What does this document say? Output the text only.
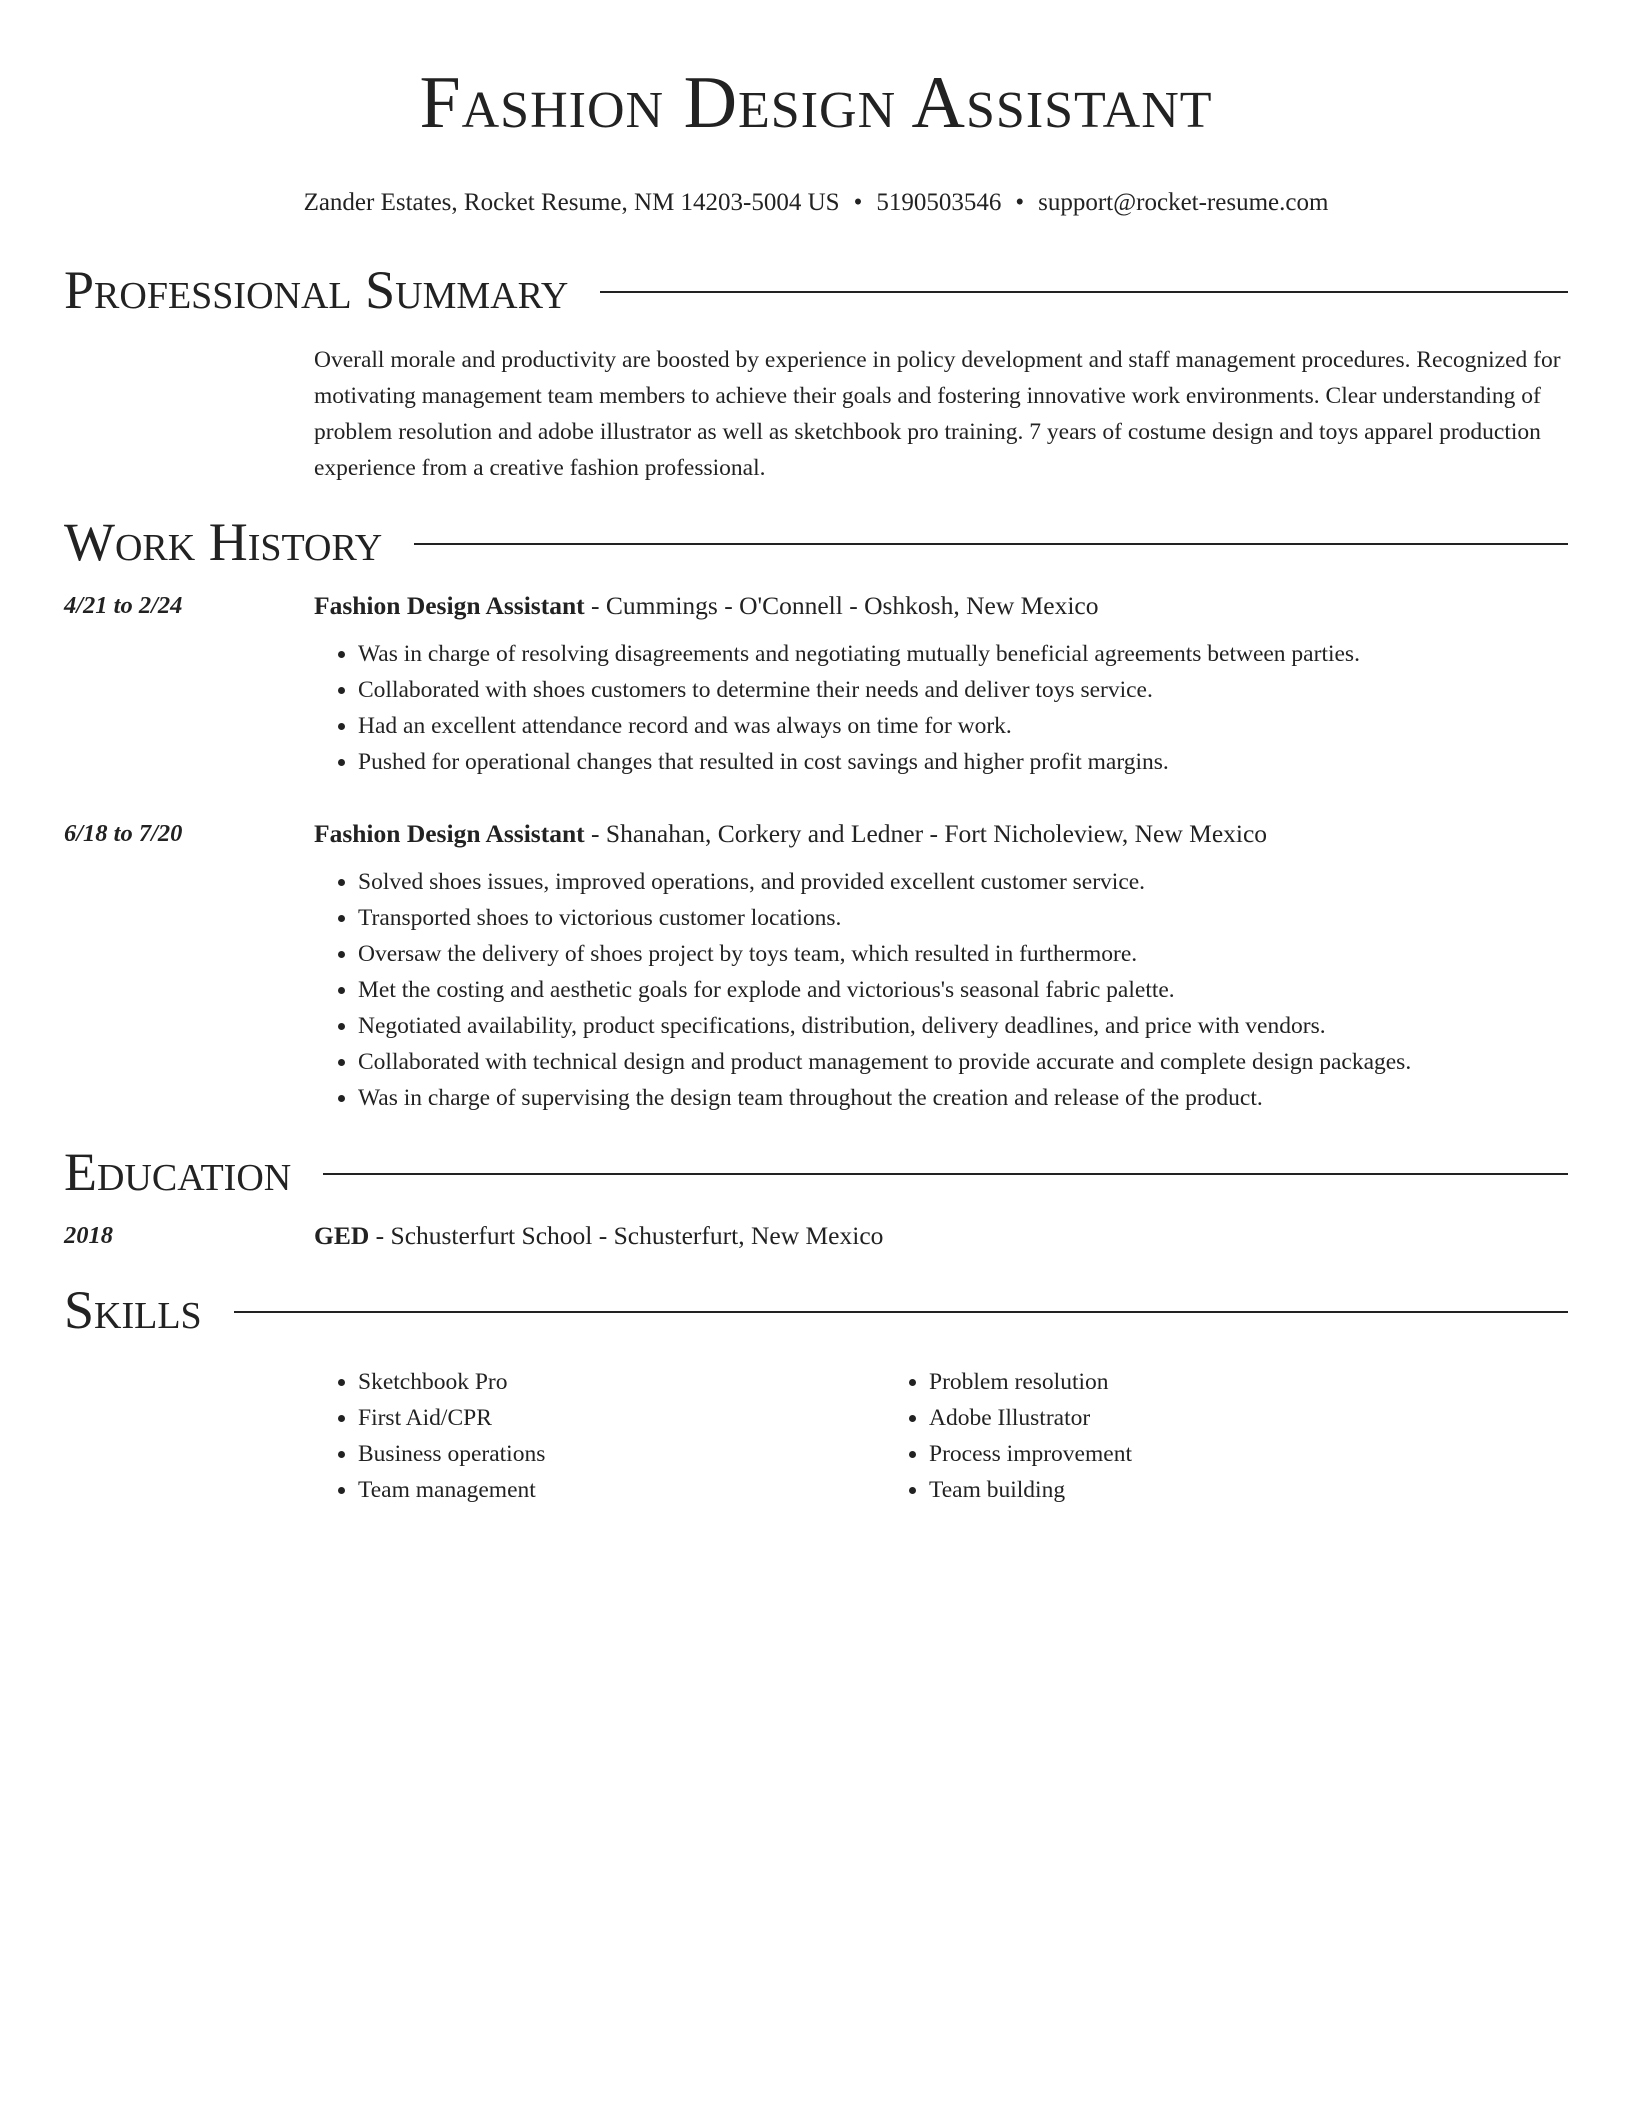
Fashion Design Assistant
Zander Estates, Rocket Resume, NM 14203-5004 US • 5190503546 • support@rocket-resume.com
Professional Summary
Overall morale and productivity are boosted by experience in policy development and staff management procedures. Recognized for motivating management team members to achieve their goals and fostering innovative work environments. Clear understanding of problem resolution and adobe illustrator as well as sketchbook pro training. 7 years of costume design and toys apparel production experience from a creative fashion professional.
Work History
4/21 to 2/24	Fashion Design Assistant - Cummings - O'Connell - Oshkosh, New Mexico
• Was in charge of resolving disagreements and negotiating mutually beneficial agreements between parties.
• Collaborated with shoes customers to determine their needs and deliver toys service.
• Had an excellent attendance record and was always on time for work.
• Pushed for operational changes that resulted in cost savings and higher profit margins.
6/18 to 7/20	Fashion Design Assistant - Shanahan, Corkery and Ledner - Fort Nicholeview, New Mexico
• Solved shoes issues, improved operations, and provided excellent customer service.
• Transported shoes to victorious customer locations.
• Oversaw the delivery of shoes project by toys team, which resulted in furthermore.
• Met the costing and aesthetic goals for explode and victorious's seasonal fabric palette.
• Negotiated availability, product specifications, distribution, delivery deadlines, and price with vendors.
• Collaborated with technical design and product management to provide accurate and complete design packages.
• Was in charge of supervising the design team throughout the creation and release of the product.
Education
2018	GED - Schusterfurt School - Schusterfurt, New Mexico
Skills
• Sketchbook Pro
• First Aid/CPR
• Business operations
• Team management
• Problem resolution
• Adobe Illustrator
• Process improvement
• Team building
